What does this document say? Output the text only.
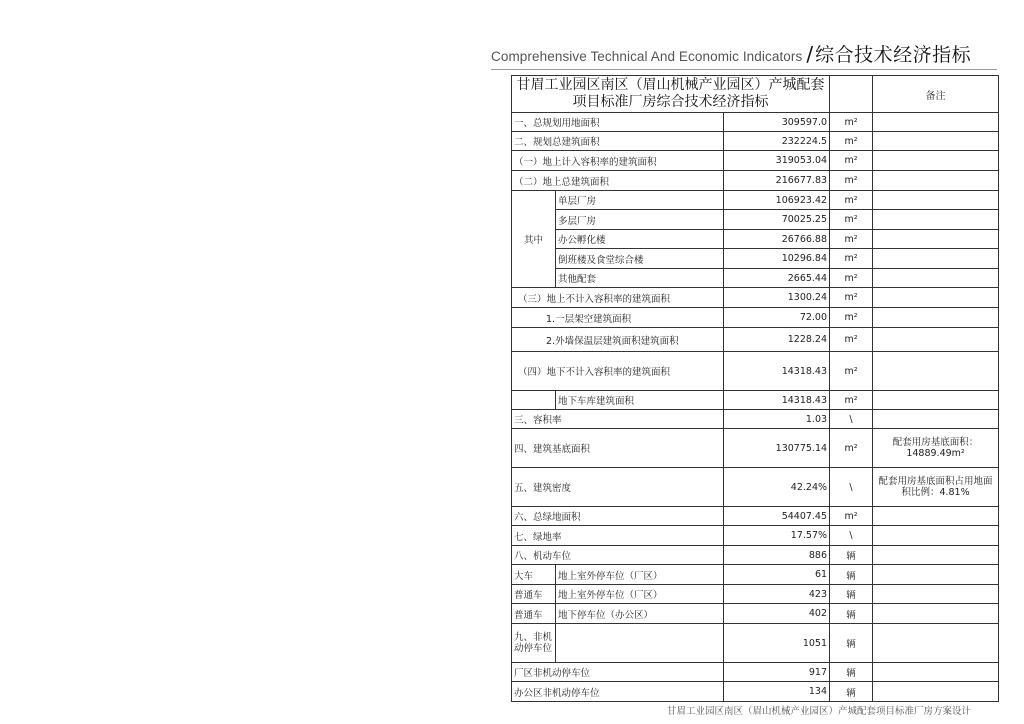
Comprehensive Technical And Economic Indicators / 综合技术经济指标
甘眉工业园区南区（眉山机械产业园区）产城配套项目标准厂房综合技术经济指标				备注
一、总规划用地面积		309597.0	m²	
二、规划总建筑面积		232224.5	m²	
（一）地上计入容积率的建筑面积		319053.04	m²	
（二）地上总建筑面积		216677.83	m²	
其中	单层厂房	106923.42	m²	
	多层厂房	70025.25	m²	
	办公孵化楼	26766.88	m²	
	倒班楼及食堂综合楼	10296.84	m²	
	其他配套	2665.44	m²	
（三）地上不计入容积率的建筑面积		1300.24	m²	
1.一层架空建筑面积		72.00	m²	
2.外墙保温层建筑面积建筑面积		1228.24	m²	
（四）地下不计入容积率的建筑面积		14318.43	m²	
	地下车库建筑面积	14318.43	m²	
三、容积率		1.03	\	
四、建筑基底面积		130775.14	m²	配套用房基底面积：14889.49m²
五、建筑密度		42.24%	\	配套用房基底面积占用地面积比例：4.81%
六、总绿地面积		54407.45	m²	
七、绿地率		17.57%	\	
八、机动车位		886	辆	
大车	地上室外停车位（厂区）	61	辆	
普通车	地上室外停车位（厂区）	423	辆	
普通车	地下停车位（办公区）	402	辆	
九、非机动停车位		1051	辆	
厂区非机动停车位		917	辆	
办公区非机动停车位		134	辆	
甘眉工业园区南区（眉山机械产业园区）产城配套项目标准厂房方案设计
